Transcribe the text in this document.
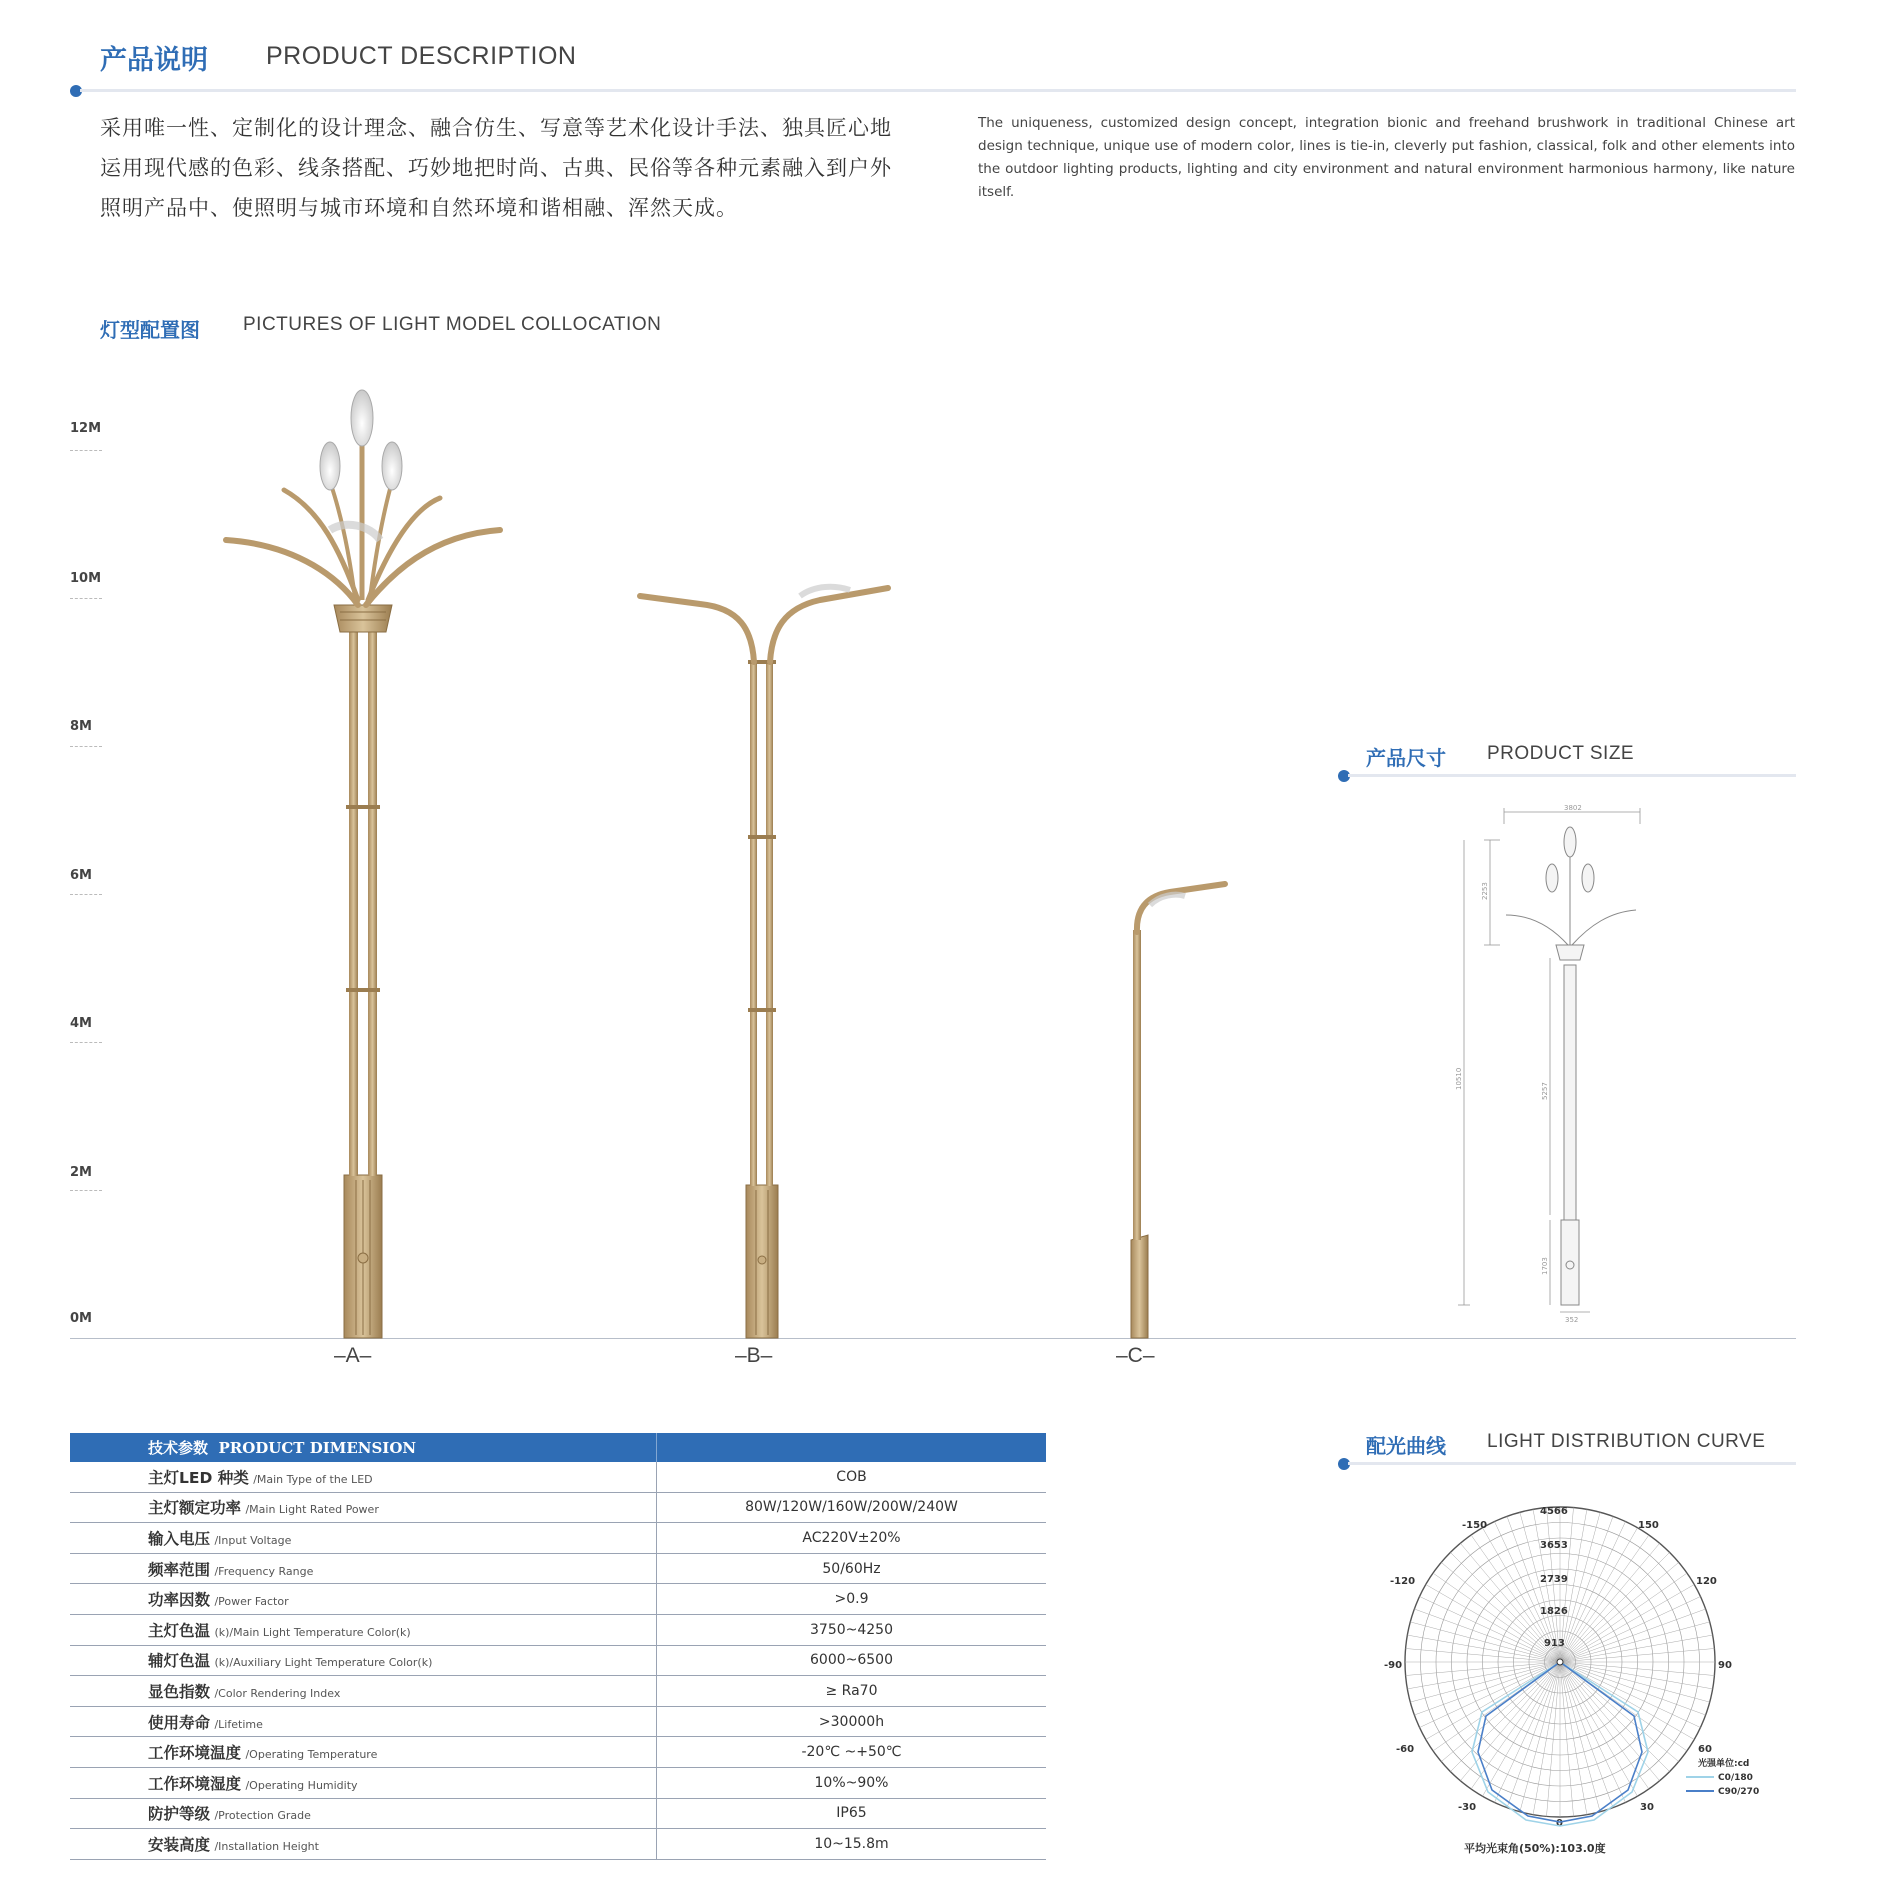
产品说明 PRODUCT DESCRIPTION
采用唯一性、定制化的设计理念、融合仿生、写意等艺术化设计手法、独具匠心地
运用现代感的色彩、线条搭配、巧妙地把时尚、古典、民俗等各种元素融入到户外
照明产品中、使照明与城市环境和自然环境和谐相融、浑然天成。
The uniqueness, customized design concept, integration bionic and freehand brushwork in traditional Chinese art design technique, unique use of modern color, lines is tie-in, cleverly put fashion, classical, folk and other elements into the outdoor lighting products, lighting and city environment and natural environment harmonious harmony, like nature itself.
灯型配置图 PICTURES OF LIGHT MODEL COLLOCATION
12M
10M
8M
6M
4M
2M
0M
–A–	–B–	–C–
产品尺寸 PRODUCT SIZE
3802
2253
10510
5257
1703
352
技术参数 PRODUCT DIMENSION	
主灯LED 种类 /Main Type of the LED	COB
主灯额定功率 /Main Light Rated Power	80W/120W/160W/200W/240W
输入电压 /Input Voltage	AC220V±20%
频率范围 /Frequency Range	50/60Hz
功率因数 /Power Factor	>0.9
主灯色温 (k)/Main Light Temperature Color(k)	3750~4250
辅灯色温 (k)/Auxiliary Light Temperature Color(k)	6000~6500
显色指数 /Color Rendering Index	≥ Ra70
使用寿命 /Lifetime	>30000h
工作环境温度 /Operating Temperature	-20℃ ~+50℃
工作环境湿度 /Operating Humidity	10%~90%
防护等级 /Protection Grade	IP65
安装高度 /Installation Height	10~15.8m
配光曲线 LIGHT DISTRIBUTION CURVE
4566
3653
2739
1826
913
-150	150
-120	120
-90	90
-60	60
-30	30
0
光强单位:cd
C0/180
C90/270
平均光束角(50%):103.0度
